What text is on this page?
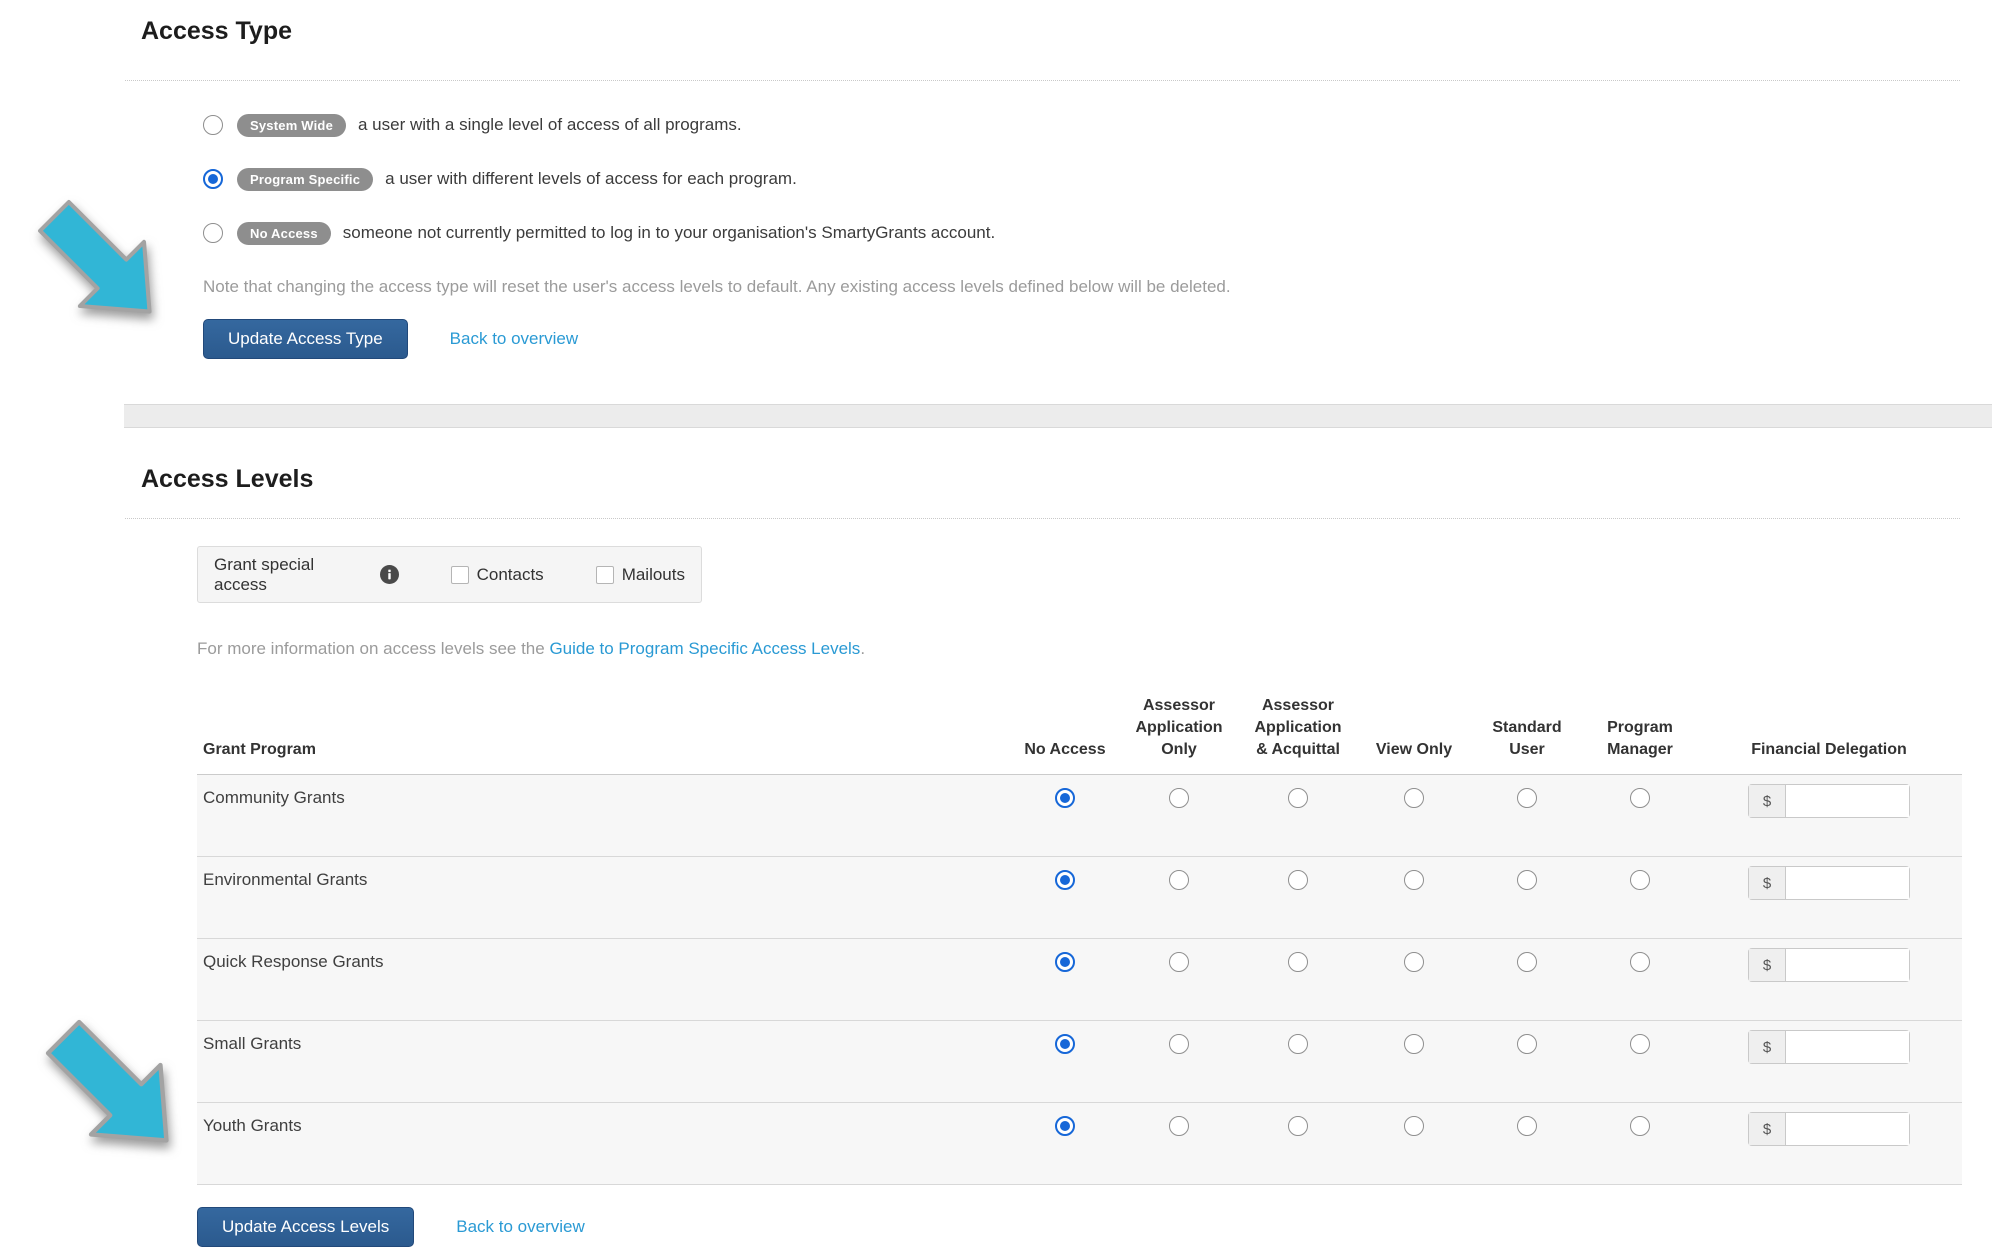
Access Type
System Wide	a user with a single level of access of all programs.
Program Specific	a user with different levels of access for each program.
No Access	someone not currently permitted to log in to your organisation's SmartyGrants account.
Note that changing the access type will reset the user's access levels to default. Any existing access levels defined below will be deleted.
Update Access Type	Back to overview
Access Levels
Grant special access
Contacts	Mailouts
For more information on access levels see the Guide to Program Specific Access Levels.
Grant Program	No Access	Assessor Application Only	Assessor Application & Acquittal	View Only	Standard User	Program Manager	Financial Delegation
Community Grants							$

Environmental Grants							$

Quick Response Grants							$

Small Grants							$

Youth Grants							$
Update Access Levels	Back to overview
